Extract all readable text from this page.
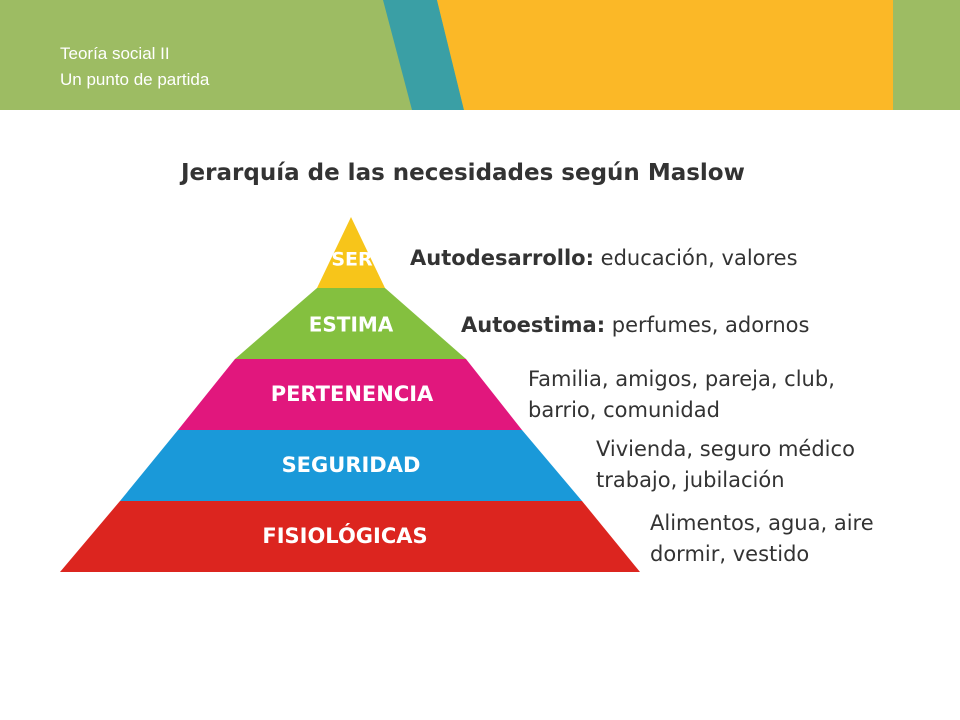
Teoría social II
Un punto de partida
Jerarquía de las necesidades según Maslow
SER
ESTIMA
PERTENENCIA
SEGURIDAD
FISIOLÓGICAS
Autodesarrollo: educación, valores
Autoestima: perfumes, adornos
Familia, amigos, pareja, club,
barrio, comunidad
Vivienda, seguro médico
trabajo, jubilación
Alimentos, agua, aire
dormir, vestido
